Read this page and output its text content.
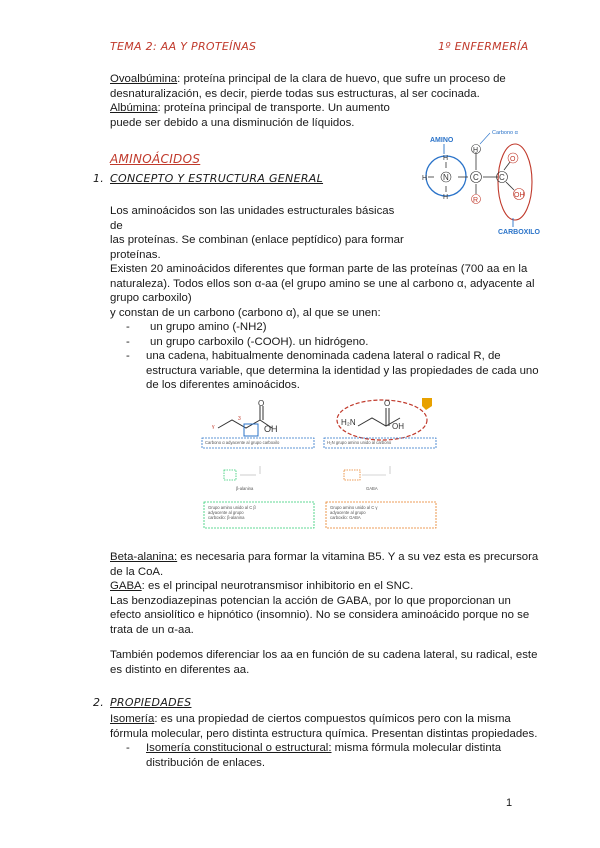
TEMA 2: AA Y PROTEÍNAS	1º ENFERMERÍA
Ovoalbúmina: proteína principal de la clara de huevo, que sufre un proceso de
desnaturalización, es decir, pierde todas sus estructuras, al ser cocinada.
Albúmina: proteína principal de transporte. Un aumento
puede ser debido a una disminución de líquidos.
N	C	C
H
H
H
H
R
O
OH
AMINO
Carbono α
CARBOXILO
AMINOÁCIDOS
1. CONCEPTO Y ESTRUCTURA GENERAL
Los aminoácidos son las unidades estructurales básicas de
las proteínas. Se combinan (enlace peptídico) para formar
proteínas.
Existen 20 aminoácidos diferentes que forman parte de las proteínas (700 aa en la
naturaleza). Todos ellos son α-aa (el grupo amino se une al carbono α, adyacente al
grupo carboxilo)
y constan de un carbono (carbono α), al que se unen:
-	un grupo amino (-NH2)
-	un grupo carboxilo (-COOH). un hidrógeno.
- una cadena, habitualmente denominada cadena lateral o radical R, de
estructura variable, que determina la identidad y las propiedades de cada uno
de los diferentes aminoácidos.
3
γ	OH
O
H₂N	OH
O
Carbono α adyacente al grupo carboxilo	H₂N grupo amino unido al carbono
β-alanina	GABA
Grupo amino unido al C β
adyacente al grupo
carboxilo: β-alanina
Grupo amino unido al C γ
adyacente al grupo
carboxilo: GABA
Beta-alanina: es necesaria para formar la vitamina B5. Y a su vez esta es precursora
de la CoA.
GABA: es el principal neurotransmisor inhibitorio en el SNC.
Las benzodiazepinas potencian la acción de GABA, por lo que proporcionan un
efecto ansiolítico e hipnótico (insomnio). No se considera aminoácido porque no se
trata de un α-aa.
También podemos diferenciar los aa en función de su cadena lateral, su radical, este
es distinto en diferentes aa.
2. PROPIEDADES
Isomería: es una propiedad de ciertos compuestos químicos pero con la misma
fórmula molecular, pero distinta estructura química. Presentan distintas propiedades.
- Isomería constitucional o estructural: misma fórmula molecular distinta
distribución de enlaces.
1
